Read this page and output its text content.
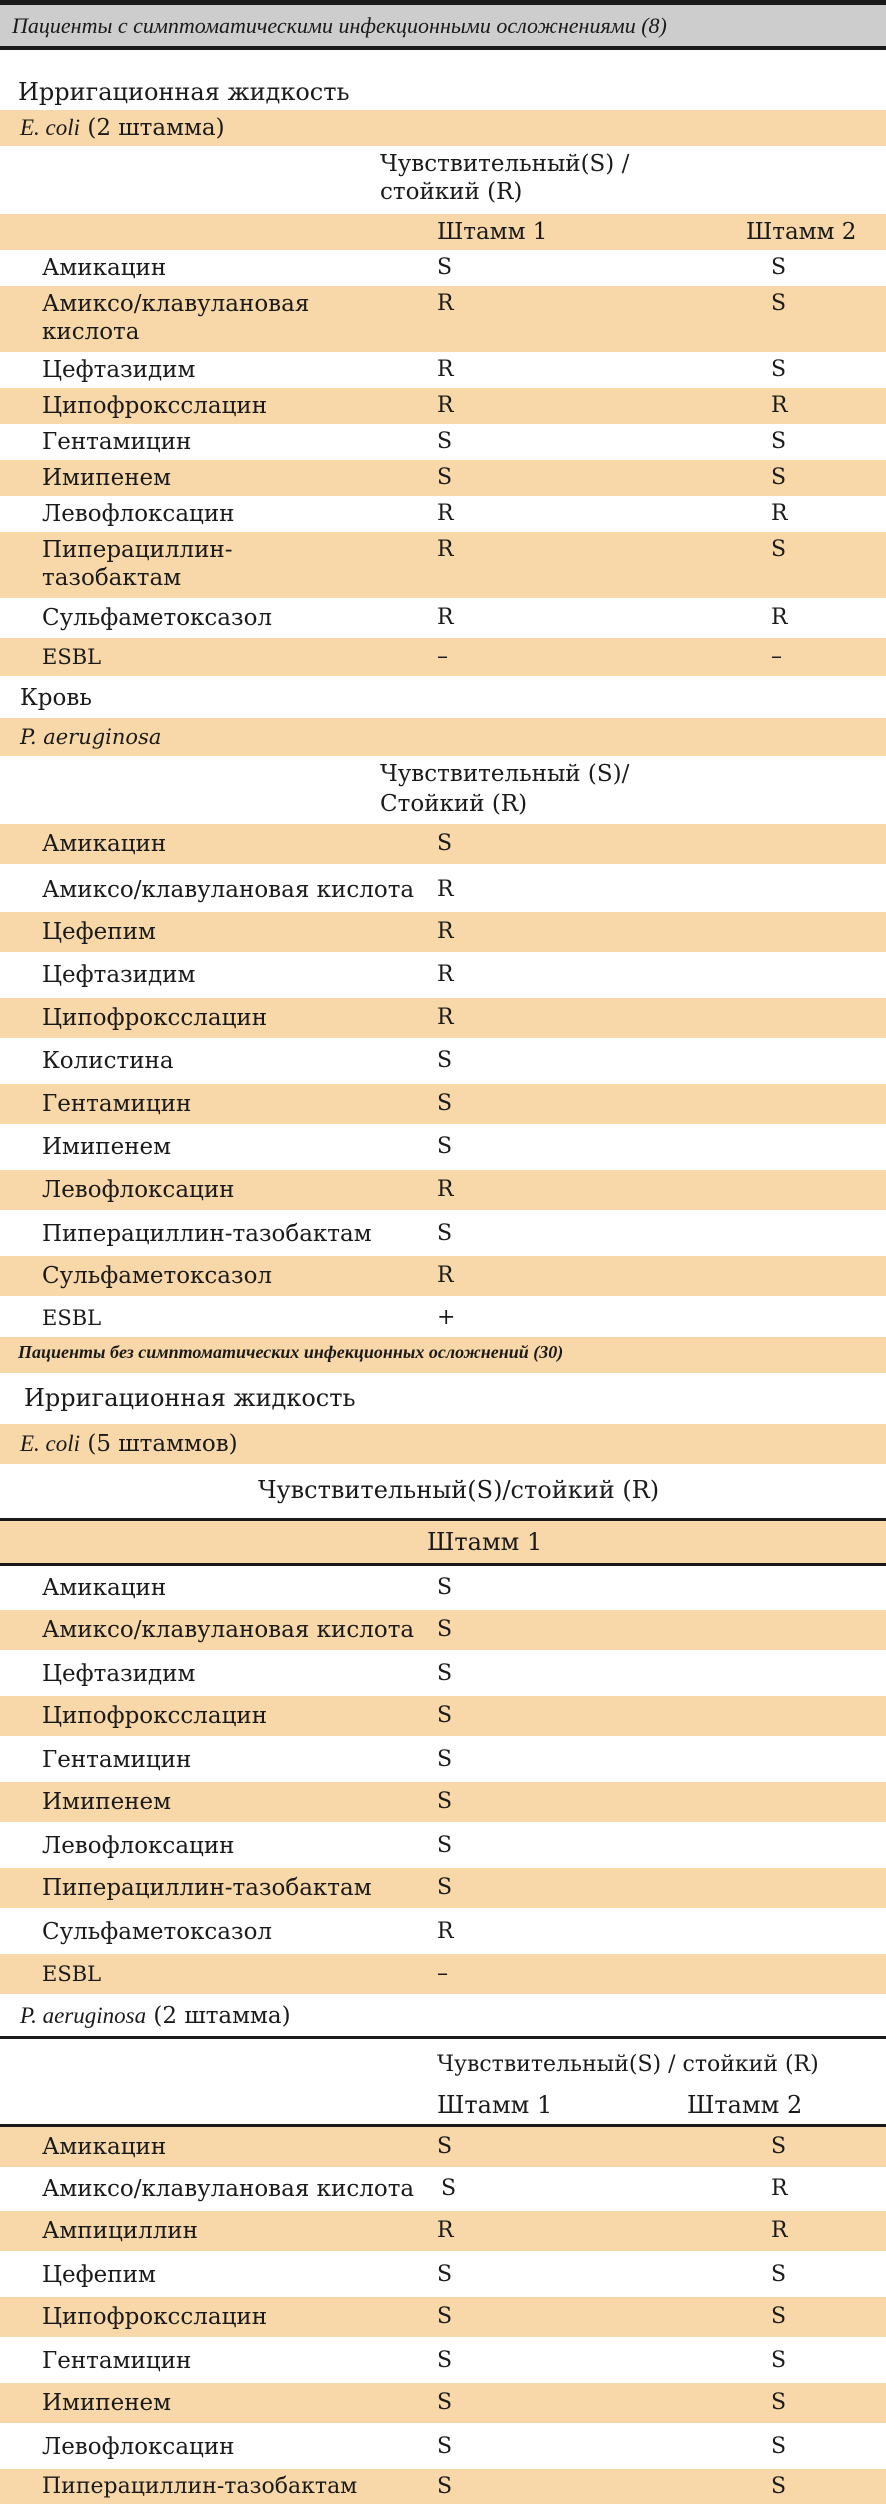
Пациенты с симптоматическими инфекционными осложнениями (8)
Ирригационная жидкость
E. coli (2 штамма)
Чувствительный(S) /
стойкий (R)
Штамм 1	Штамм 2
Амикацин	S	S
Амиксо/клавулановая
кислота
R	S
Цефтазидим	R	S
Ципофроксслацин	R	R
Гентамицин	S	S
Имипенем	S	S
Левофлоксацин	R	R
Пиперациллин-
тазобактам
R	S
Сульфаметоксазол	R	R
ESBL	–	–
Кровь
P. aeruginosa
Чувствительный (S)/
Стойкий (R)
Амикацин	S
Амиксо/клавулановая кислота R
Цефепим	R
Цефтазидим	R
Ципофроксслацин	R
Колистина	S
Гентамицин	S
Имипенем	S
Левофлоксацин	R
Пиперациллин-тазобактам	S
Сульфаметоксазол	R
ESBL	+
Пациенты без симптоматических инфекционных осложнений (30)
Ирригационная жидкость
E. coli (5 штаммов)
Чувствительный(S)/стойкий (R)
Штамм 1
Амикацин	S
Амиксо/клавулановая кислота S
Цефтазидим	S
Ципофроксслацин	S
Гентамицин	S
Имипенем	S
Левофлоксацин	S
Пиперациллин-тазобактам	S
Сульфаметоксазол	R
ESBL	–
P. aeruginosa (2 штамма)
Чувствительный(S) / стойкий (R)
Штамм 1	Штамм 2
Амикацин	S	S
Амиксо/клавулановая кислота S	R
Ампициллин	R	R
Цефепим	S	S
Ципофроксслацин	S	S
Гентамицин	S	S
Имипенем	S	S
Левофлоксацин	S	S
Пиперациллин-тазобактам	S	S
